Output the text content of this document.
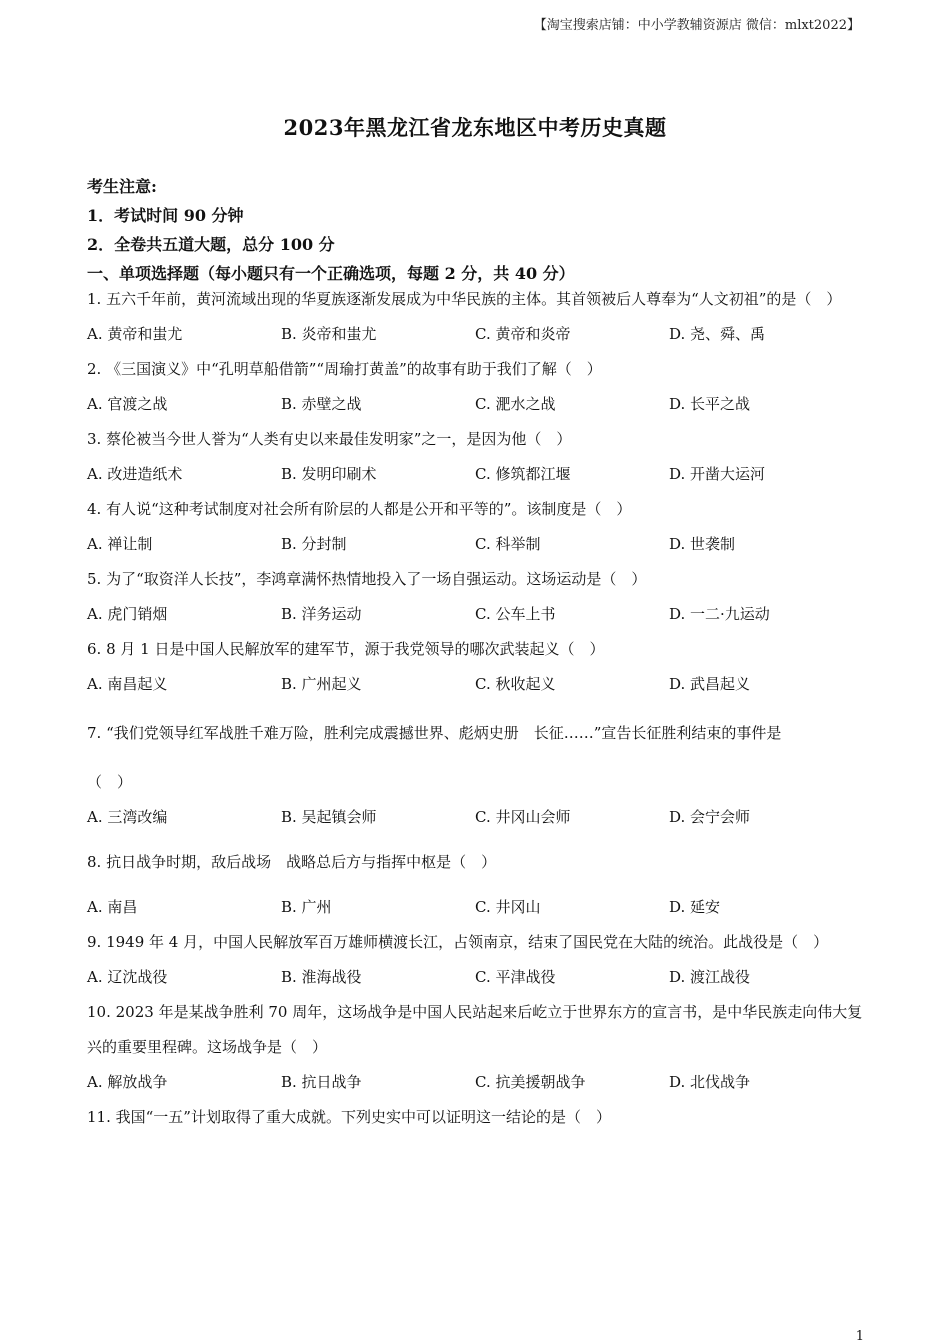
【淘宝搜索店铺：中小学教辅资源店 微信：mlxt2022】
2023年黑龙江省龙东地区中考历史真题
考生注意:
1．考试时间 90 分钟
2．全卷共五道大题，总分 100 分
一、单项选择题（每小题只有一个正确选项，每题 2 分，共 40 分）
1. 五六千年前，黄河流域出现的华夏族逐渐发展成为中华民族的主体。其首领被后人尊奉为“人文初祖”的是（　）
A. 黄帝和蚩尤	B. 炎帝和蚩尤	C. 黄帝和炎帝	D. 尧、舜、禹
2. 《三国演义》中“孔明草船借箭”“周瑜打黄盖”的故事有助于我们了解（　）
A. 官渡之战	B. 赤壁之战	C. 淝水之战	D. 长平之战
3. 蔡伦被当今世人誉为“人类有史以来最佳发明家”之一，是因为他（　）
A. 改进造纸术	B. 发明印刷术	C. 修筑都江堰	D. 开凿大运河
4. 有人说“这种考试制度对社会所有阶层的人都是公开和平等的”。该制度是（　）
A. 禅让制	B. 分封制	C. 科举制	D. 世袭制
5. 为了“取资洋人长技”，李鸿章满怀热情地投入了一场自强运动。这场运动是（　）
A. 虎门销烟	B. 洋务运动	C. 公车上书	D. 一二·九运动
6. 8 月 1 日是中国人民解放军的建军节，源于我党领导的哪次武装起义（　）
A. 南昌起义	B. 广州起义	C. 秋收起义	D. 武昌起义
7. “我们党领导红军战胜千难万险，胜利完成震撼世界、彪炳史册　长征……”宣告长征胜利结束的事件是
（　）
A. 三湾改编	B. 吴起镇会师	C. 井冈山会师	D. 会宁会师
8. 抗日战争时期，敌后战场　战略总后方与指挥中枢是（　）
A. 南昌	B. 广州	C. 井冈山	D. 延安
9. 1949 年 4 月，中国人民解放军百万雄师横渡长江，占领南京，结束了国民党在大陆的统治。此战役是（　）
A. 辽沈战役	B. 淮海战役	C. 平津战役	D. 渡江战役
10. 2023 年是某战争胜利 70 周年，这场战争是中国人民站起来后屹立于世界东方的宣言书，是中华民族走向伟大复兴的重要里程碑。这场战争是（　）
A. 解放战争	B. 抗日战争	C. 抗美援朝战争	D. 北伐战争
11. 我国“一五”计划取得了重大成就。下列史实中可以证明这一结论的是（　）
1
